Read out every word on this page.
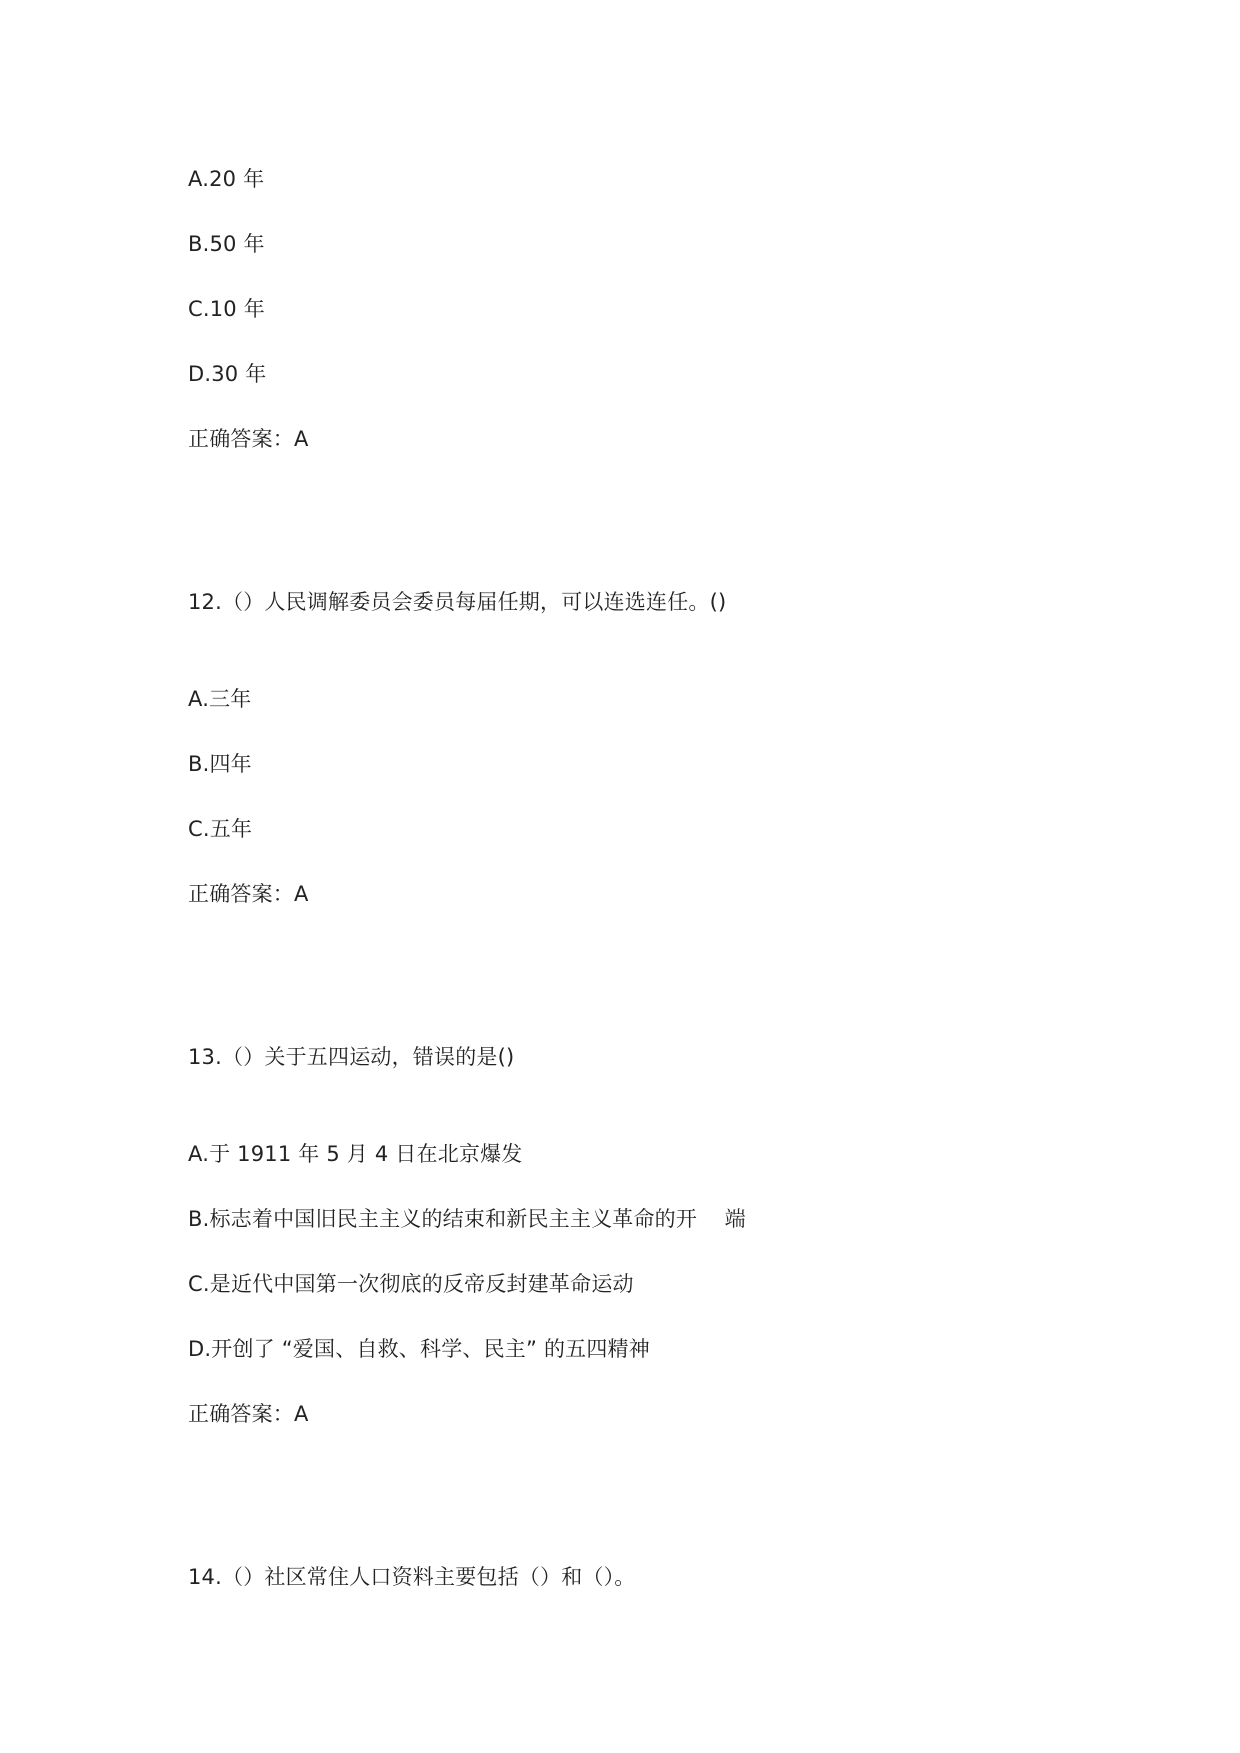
A.20 年
B.50 年
C.10 年
D.30 年
正确答案：A
12.（）人民调解委员会委员每届任期，可以连选连任。()
A.三年
B.四年
C.五年
正确答案：A
13.（）关于五四运动，错误的是()
A.于 1911 年 5 月 4 日在北京爆发
B.标志着中国旧民主主义的结束和新民主主义革命的开    端
C.是近代中国第一次彻底的反帝反封建革命运动
D.开创了 “爱国、自救、科学、民主” 的五四精神
正确答案：A
14.（）社区常住人口资料主要包括（）和（）。
